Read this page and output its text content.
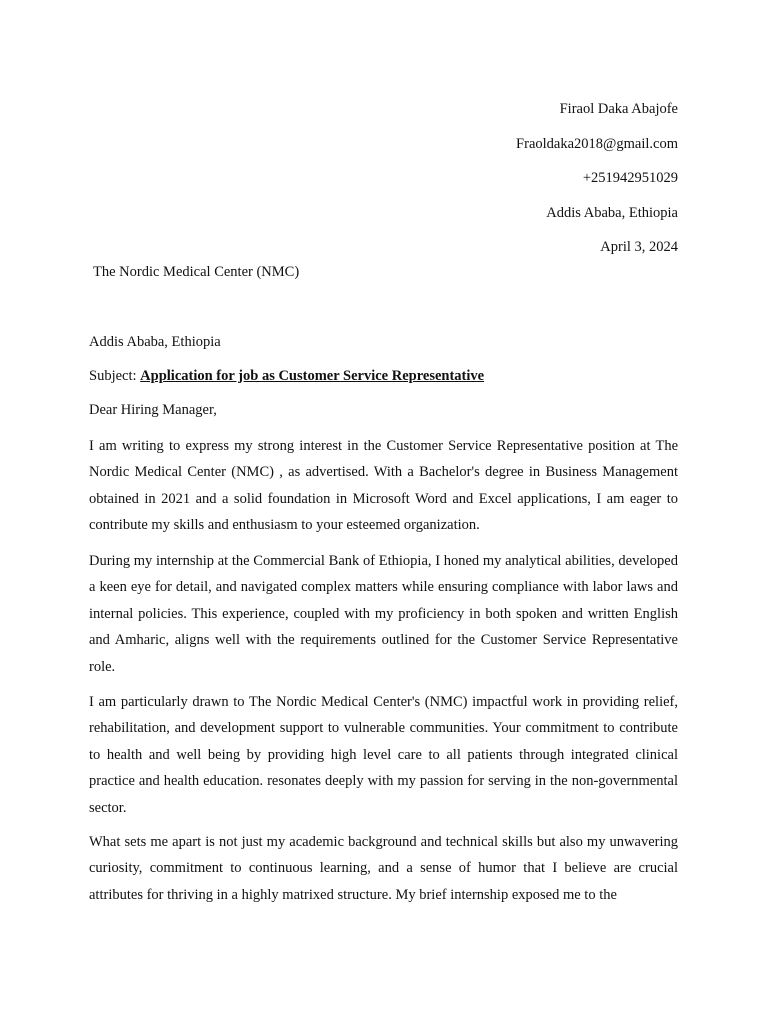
Firaol Daka Abajofe
Fraoldaka2018@gmail.com
+251942951029
Addis Ababa, Ethiopia
April 3, 2024
The Nordic Medical Center (NMC)
Addis Ababa, Ethiopia
Subject: Application for job as Customer Service Representative
Dear Hiring Manager,

I am writing to express my strong interest in the Customer Service Representative position at The Nordic Medical Center (NMC) , as advertised. With a Bachelor's degree in Business Management obtained in 2021 and a solid foundation in Microsoft Word and Excel applications, I am eager to contribute my skills and enthusiasm to your esteemed organization.

During my internship at the Commercial Bank of Ethiopia, I honed my analytical abilities, developed a keen eye for detail, and navigated complex matters while ensuring compliance with labor laws and internal policies. This experience, coupled with my proficiency in both spoken and written English and Amharic, aligns well with the requirements outlined for the Customer Service Representative role.

I am particularly drawn to The Nordic Medical Center's (NMC) impactful work in providing relief, rehabilitation, and development support to vulnerable communities. Your commitment to contribute to health and well being by providing high level care to all patients through integrated clinical practice and health education. resonates deeply with my passion for serving in the non-governmental sector.

What sets me apart is not just my academic background and technical skills but also my unwavering curiosity, commitment to continuous learning, and a sense of humor that I believe are crucial attributes for thriving in a highly matrixed structure. My brief internship exposed me to the
